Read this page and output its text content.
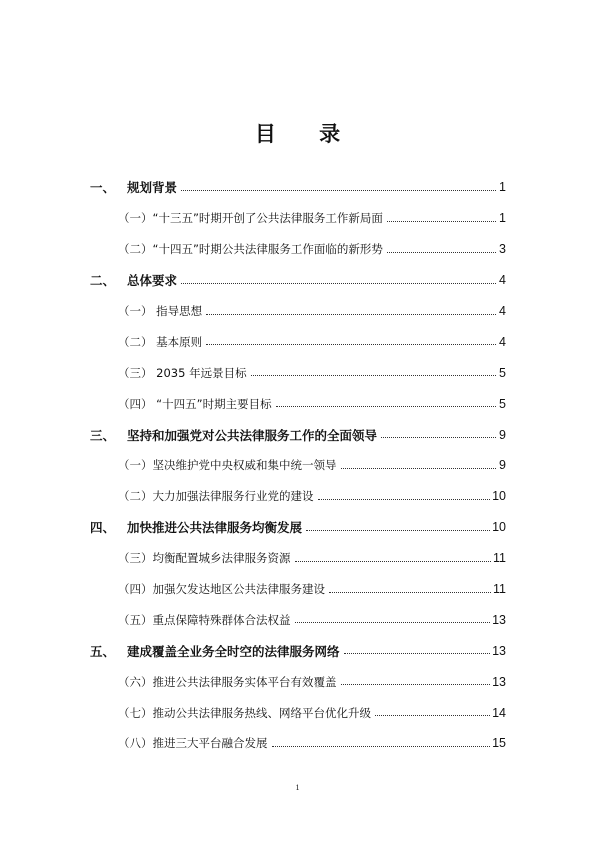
目 录
一、 规划背景	1
（一）“十三五”时期开创了公共法律服务工作新局面	1
（二）“十四五”时期公共法律服务工作面临的新形势	3
二、 总体要求	4
（一） 指导思想	4
（二） 基本原则	4
（三） 2035 年远景目标	5
（四） “十四五”时期主要目标	5
三、 坚持和加强党对公共法律服务工作的全面领导	9
（一）坚决维护党中央权威和集中统一领导	9
（二）大力加强法律服务行业党的建设	10
四、 加快推进公共法律服务均衡发展	10
（三）均衡配置城乡法律服务资源	11
（四）加强欠发达地区公共法律服务建设	11
（五）重点保障特殊群体合法权益	13
五、 建成覆盖全业务全时空的法律服务网络	13
（六）推进公共法律服务实体平台有效覆盖	13
（七）推动公共法律服务热线、网络平台优化升级	14
（八）推进三大平台融合发展	15
1
